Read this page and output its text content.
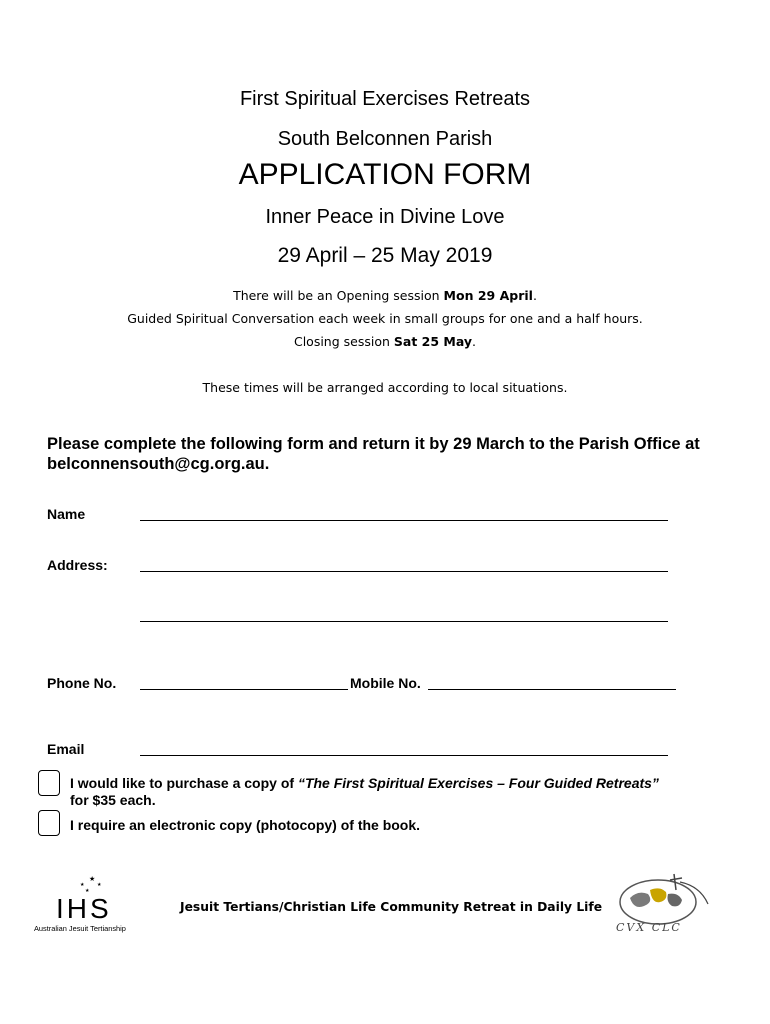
First Spiritual Exercises Retreats
South Belconnen Parish
APPLICATION FORM
Inner Peace in Divine Love
29 April – 25 May 2019
There will be an Opening session Mon 29 April.
Guided Spiritual Conversation each week in small groups for one and a half hours.
Closing session Sat 25 May.
These times will be arranged according to local situations.
Please complete the following form and return it by 29 March to the Parish Office at belconnensouth@cg.org.au.
Name
Address:
Phone No.	Mobile No.
Email
I would like to purchase a copy of “The First Spiritual Exercises – Four Guided Retreats”
for $35 each.
I require an electronic copy (photocopy) of the book.
★
★	★
★
IHS
Australian Jesuit Tertianship
Jesuit Tertians/Christian Life Community Retreat in Daily Life
CVX CLC
